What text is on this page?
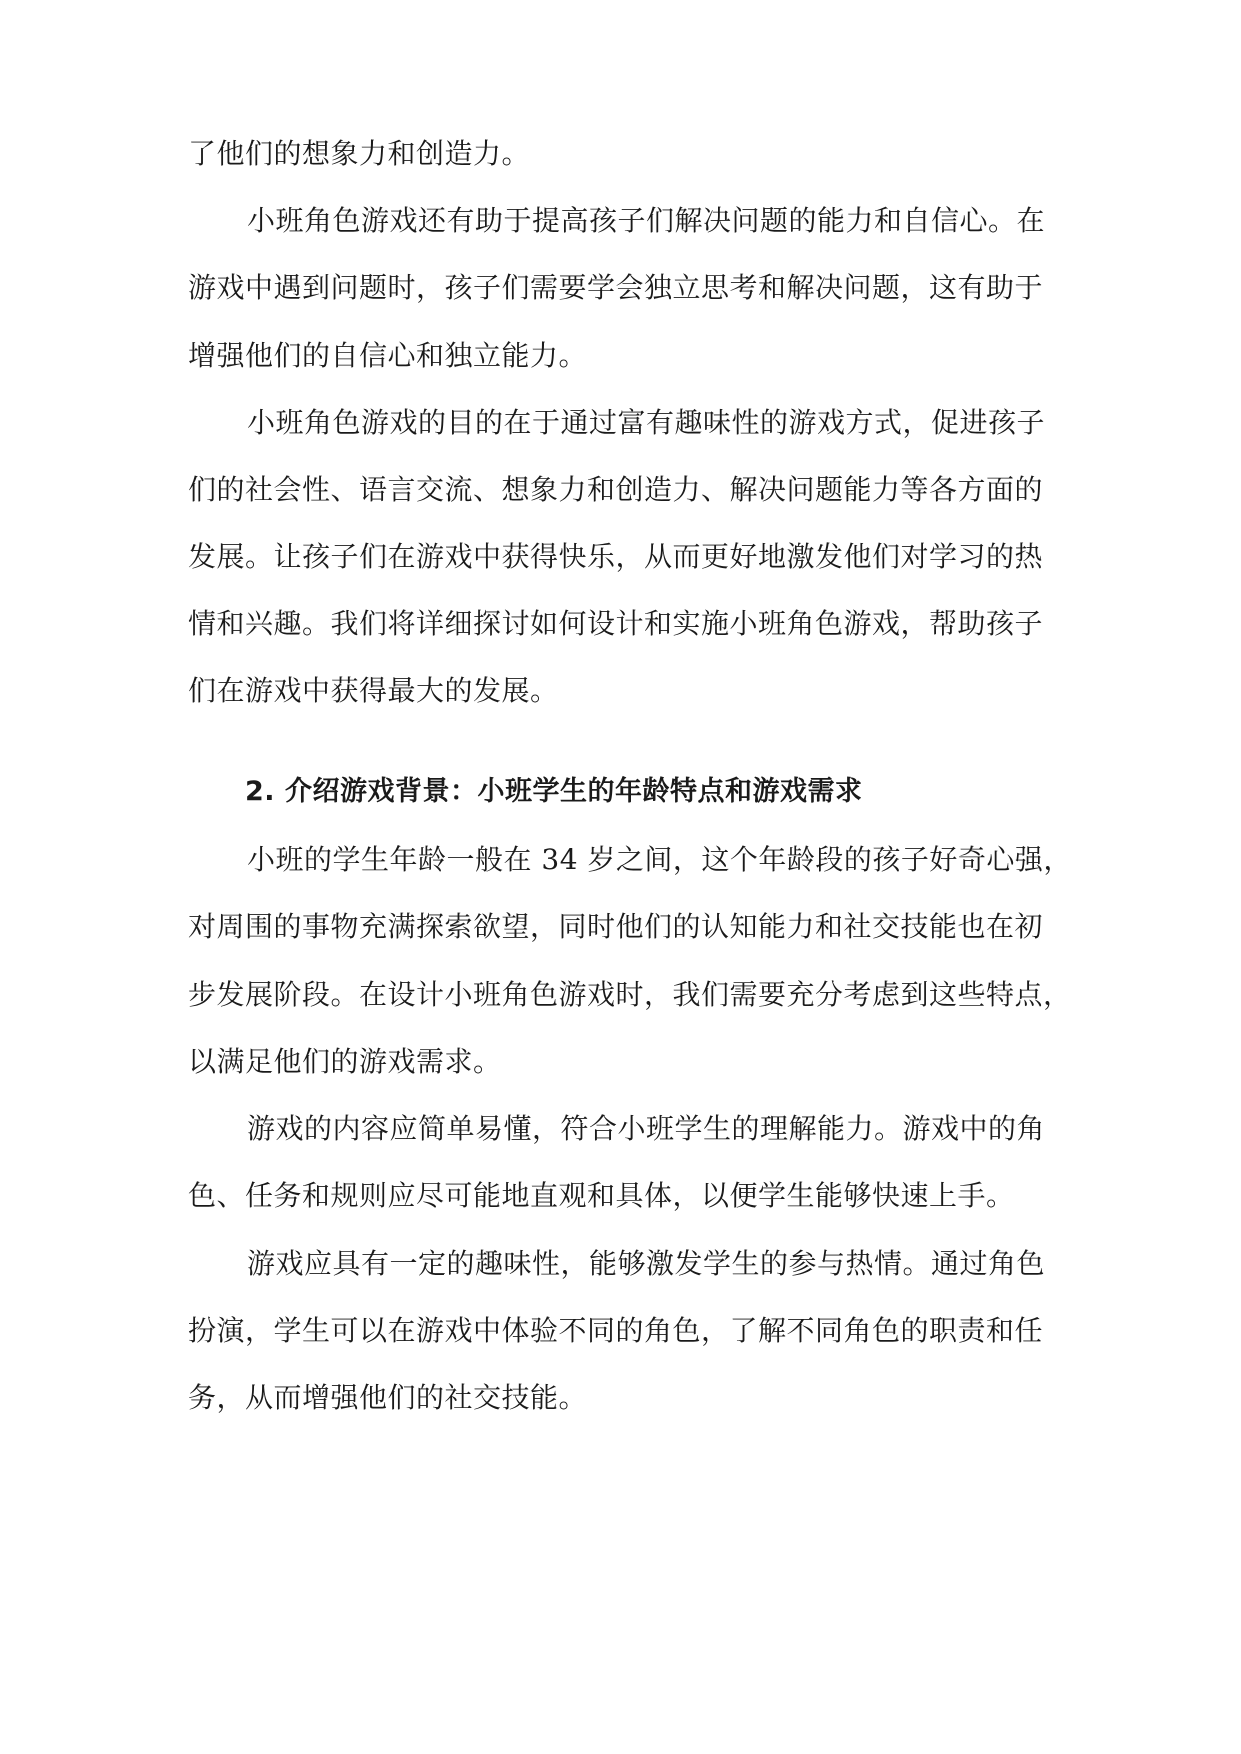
了他们的想象力和创造力。
小班角色游戏还有助于提高孩子们解决问题的能力和自信心。在
游戏中遇到问题时，孩子们需要学会独立思考和解决问题，这有助于
增强他们的自信心和独立能力。
小班角色游戏的目的在于通过富有趣味性的游戏方式，促进孩子
们的社会性、语言交流、想象力和创造力、解决问题能力等各方面的
发展。让孩子们在游戏中获得快乐，从而更好地激发他们对学习的热
情和兴趣。我们将详细探讨如何设计和实施小班角色游戏，帮助孩子
们在游戏中获得最大的发展。
2. 介绍游戏背景：小班学生的年龄特点和游戏需求
小班的学生年龄一般在 34 岁之间，这个年龄段的孩子好奇心强，
对周围的事物充满探索欲望，同时他们的认知能力和社交技能也在初
步发展阶段。在设计小班角色游戏时，我们需要充分考虑到这些特点，
以满足他们的游戏需求。
游戏的内容应简单易懂，符合小班学生的理解能力。游戏中的角
色、任务和规则应尽可能地直观和具体，以便学生能够快速上手。
游戏应具有一定的趣味性，能够激发学生的参与热情。通过角色
扮演，学生可以在游戏中体验不同的角色，了解不同角色的职责和任
务，从而增强他们的社交技能。
